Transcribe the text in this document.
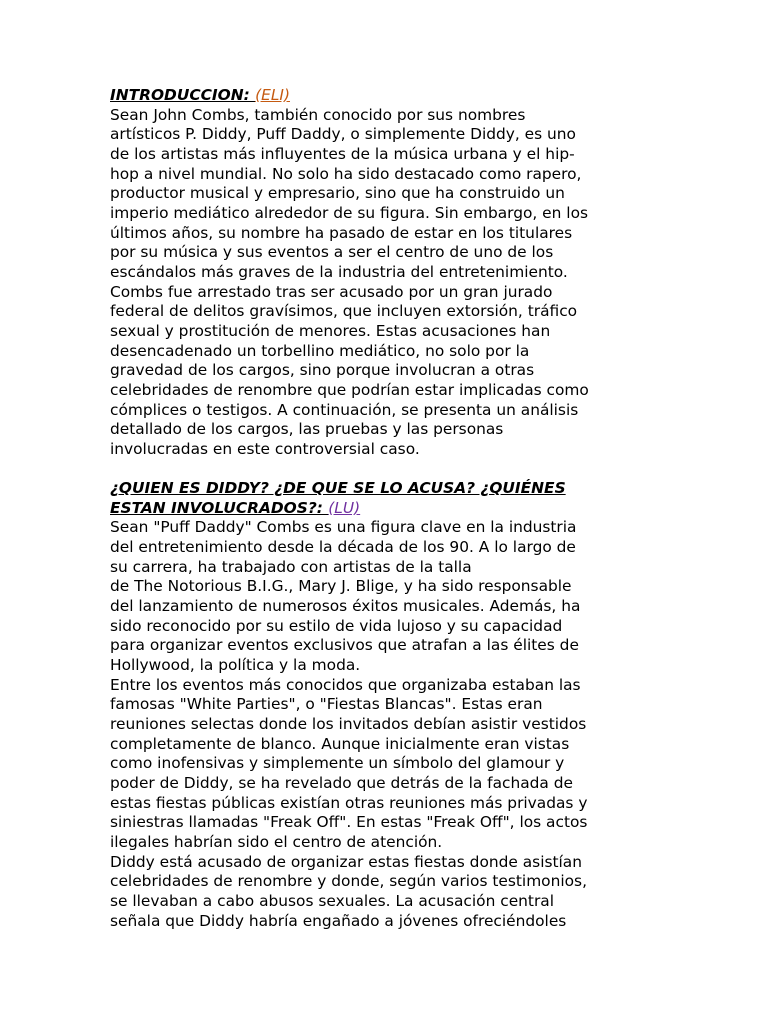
INTRODUCCION: (ELI)
Sean John Combs, también conocido por sus nombres
artísticos P. Diddy, Puff Daddy, o simplemente Diddy, es uno
de los artistas más influyentes de la música urbana y el hip-
hop a nivel mundial. No solo ha sido destacado como rapero,
productor musical y empresario, sino que ha construido un
imperio mediático alrededor de su figura. Sin embargo, en los
últimos años, su nombre ha pasado de estar en los titulares
por su música y sus eventos a ser el centro de uno de los
escándalos más graves de la industria del entretenimiento.
Combs fue arrestado tras ser acusado por un gran jurado
federal de delitos gravísimos, que incluyen extorsión, tráfico
sexual y prostitución de menores. Estas acusaciones han
desencadenado un torbellino mediático, no solo por la
gravedad de los cargos, sino porque involucran a otras
celebridades de renombre que podrían estar implicadas como
cómplices o testigos. A continuación, se presenta un análisis
detallado de los cargos, las pruebas y las personas
involucradas en este controversial caso.
¿QUIEN ES DIDDY? ¿DE QUE SE LO ACUSA? ¿QUIÉNES
ESTAN INVOLUCRADOS?: (LU)
Sean "Puff Daddy" Combs es una figura clave en la industria
del entretenimiento desde la década de los 90. A lo largo de
su carrera, ha trabajado con artistas de la talla
de The Notorious B.I.G., Mary J. Blige, y ha sido responsable
del lanzamiento de numerosos éxitos musicales. Además, ha
sido reconocido por su estilo de vida lujoso y su capacidad
para organizar eventos exclusivos que atrafan a las élites de
Hollywood, la política y la moda.
Entre los eventos más conocidos que organizaba estaban las
famosas "White Parties", o "Fiestas Blancas". Estas eran
reuniones selectas donde los invitados debían asistir vestidos
completamente de blanco. Aunque inicialmente eran vistas
como inofensivas y simplemente un símbolo del glamour y
poder de Diddy, se ha revelado que detrás de la fachada de
estas fiestas públicas existían otras reuniones más privadas y
siniestras llamadas "Freak Off". En estas "Freak Off", los actos
ilegales habrían sido el centro de atención.
Diddy está acusado de organizar estas fiestas donde asistían
celebridades de renombre y donde, según varios testimonios,
se llevaban a cabo abusos sexuales. La acusación central
señala que Diddy habría engañado a jóvenes ofreciéndoles
